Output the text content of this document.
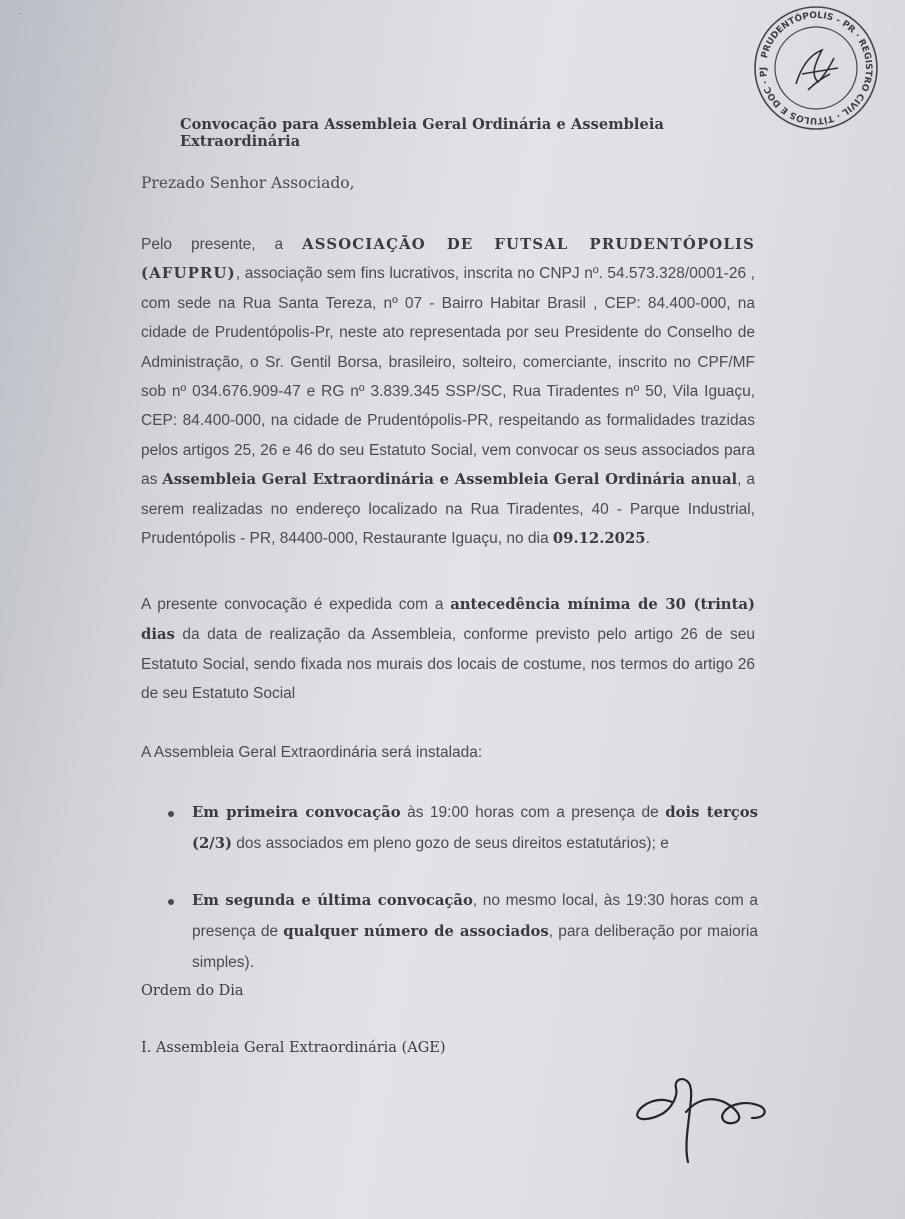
·
PRUDENTÓPOLIS - PR · REGISTRO CIVIL · TÍTULOS E DOC · PJ
Convocação para Assembleia Geral Ordinária e Assembleia Extraordinária
Prezado Senhor Associado,
Pelo presente, a ASSOCIAÇÃO DE FUTSAL PRUDENTÓPOLIS (AFUPRU), associação sem fins lucrativos, inscrita no CNPJ nº. 54.573.328/0001-26 , com sede na Rua Santa Tereza, nº 07 - Bairro Habitar Brasil , CEP: 84.400-000, na cidade de Prudentópolis-Pr, neste ato representada por seu Presidente do Conselho de Administração, o Sr. Gentil Borsa, brasileiro, solteiro, comerciante, inscrito no CPF/MF sob nº 034.676.909-47 e RG nº 3.839.345 SSP/SC, Rua Tiradentes nº 50, Vila Iguaçu, CEP: 84.400-000, na cidade de Prudentópolis-PR, respeitando as formalidades trazidas pelos artigos 25, 26 e 46 do seu Estatuto Social, vem convocar os seus associados para as Assembleia Geral Extraordinária e Assembleia Geral Ordinária anual, a serem realizadas no endereço localizado na Rua Tiradentes, 40 - Parque Industrial, Prudentópolis - PR, 84400-000, Restaurante Iguaçu, no dia 09.12.2025.
A presente convocação é expedida com a antecedência mínima de 30 (trinta) dias da data de realização da Assembleia, conforme previsto pelo artigo 26 de seu Estatuto Social, sendo fixada nos murais dos locais de costume, nos termos do artigo 26 de seu Estatuto Social
A Assembleia Geral Extraordinária será instalada:
Em primeira convocação às 19:00 horas com a presença de dois terços (2/3) dos associados em pleno gozo de seus direitos estatutários); e
Em segunda e última convocação, no mesmo local, às 19:30 horas com a presença de qualquer número de associados, para deliberação por maioria simples).
Ordem do Dia
I. Assembleia Geral Extraordinária (AGE)
